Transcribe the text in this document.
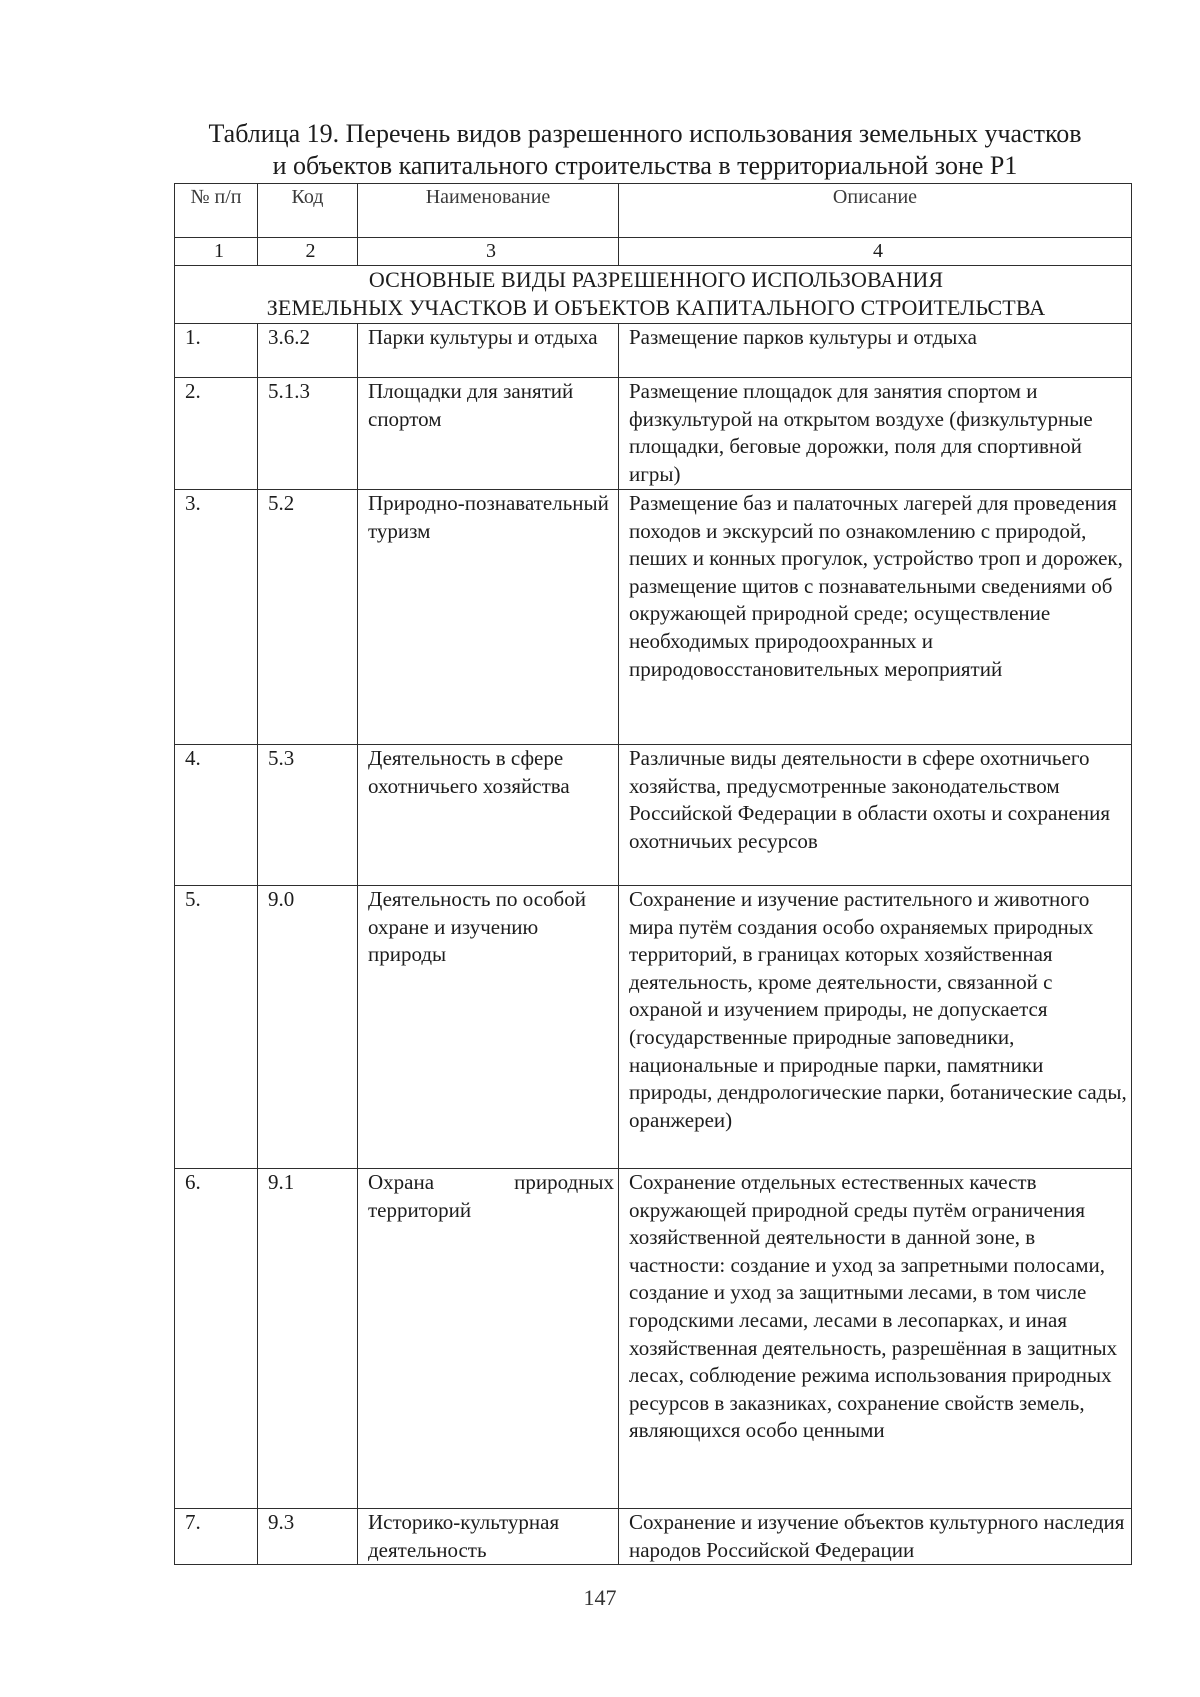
Таблица 19. Перечень видов разрешенного использования земельных участков
и объектов капитального строительства в территориальной зоне Р1
№ п/п	Код	Наименование	Описание
1	2	3	4

ОСНОВНЫЕ ВИДЫ РАЗРЕШЕННОГО ИСПОЛЬЗОВАНИЯ
ЗЕМЕЛЬНЫХ УЧАСТКОВ И ОБЪЕКТОВ КАПИТАЛЬНОГО СТРОИТЕЛЬСТВА			

1.	3.6.2	Парки культуры и отдыха	Размещение парков культуры и отдыха
2.	5.1.3	Площадки для занятий спортом	Размещение площадок для занятия спортом и физкультурой на открытом воздухе (физкультурные площадки, беговые дорожки, поля для спортивной игры)
3.	5.2	Природно-познавательный туризм	Размещение баз и палаточных лагерей для проведения походов и экскурсий по ознакомлению с природой, пеших и конных прогулок, устройство троп и дорожек, размещение щитов с познавательными сведениями об окружающей природной среде; осуществление необходимых природоохранных и природовосстановительных мероприятий
4.	5.3	Деятельность в сфере охотничьего хозяйства	Различные виды деятельности в сфере охотничьего хозяйства, предусмотренные законодательством Российской Федерации в области охоты и сохранения охотничьих ресурсов
5.	9.0	Деятельность по особой охране и изучению природы	Сохранение и изучение растительного и животного мира путём создания особо охраняемых природных территорий, в границах которых хозяйственная деятельность, кроме деятельности, связанной с охраной и изучением природы, не допускается (государственные природные заповедники, национальные и природные парки, памятники природы, дендрологические парки, ботанические сады, оранжереи)
6.	9.1	Охрана природных территорий	Сохранение отдельных естественных качеств окружающей природной среды путём ограничения хозяйственной деятельности в данной зоне, в частности: создание и уход за запретными полосами, создание и уход за защитными лесами, в том числе городскими лесами, лесами в лесопарках, и иная хозяйственная деятельность, разрешённая в защитных лесах, соблюдение режима использования природных ресурсов в заказниках, сохранение свойств земель, являющихся особо ценными
7.	9.3	Историко-культурная деятельность	Сохранение и изучение объектов культурного наследия народов Российской Федерации
147
